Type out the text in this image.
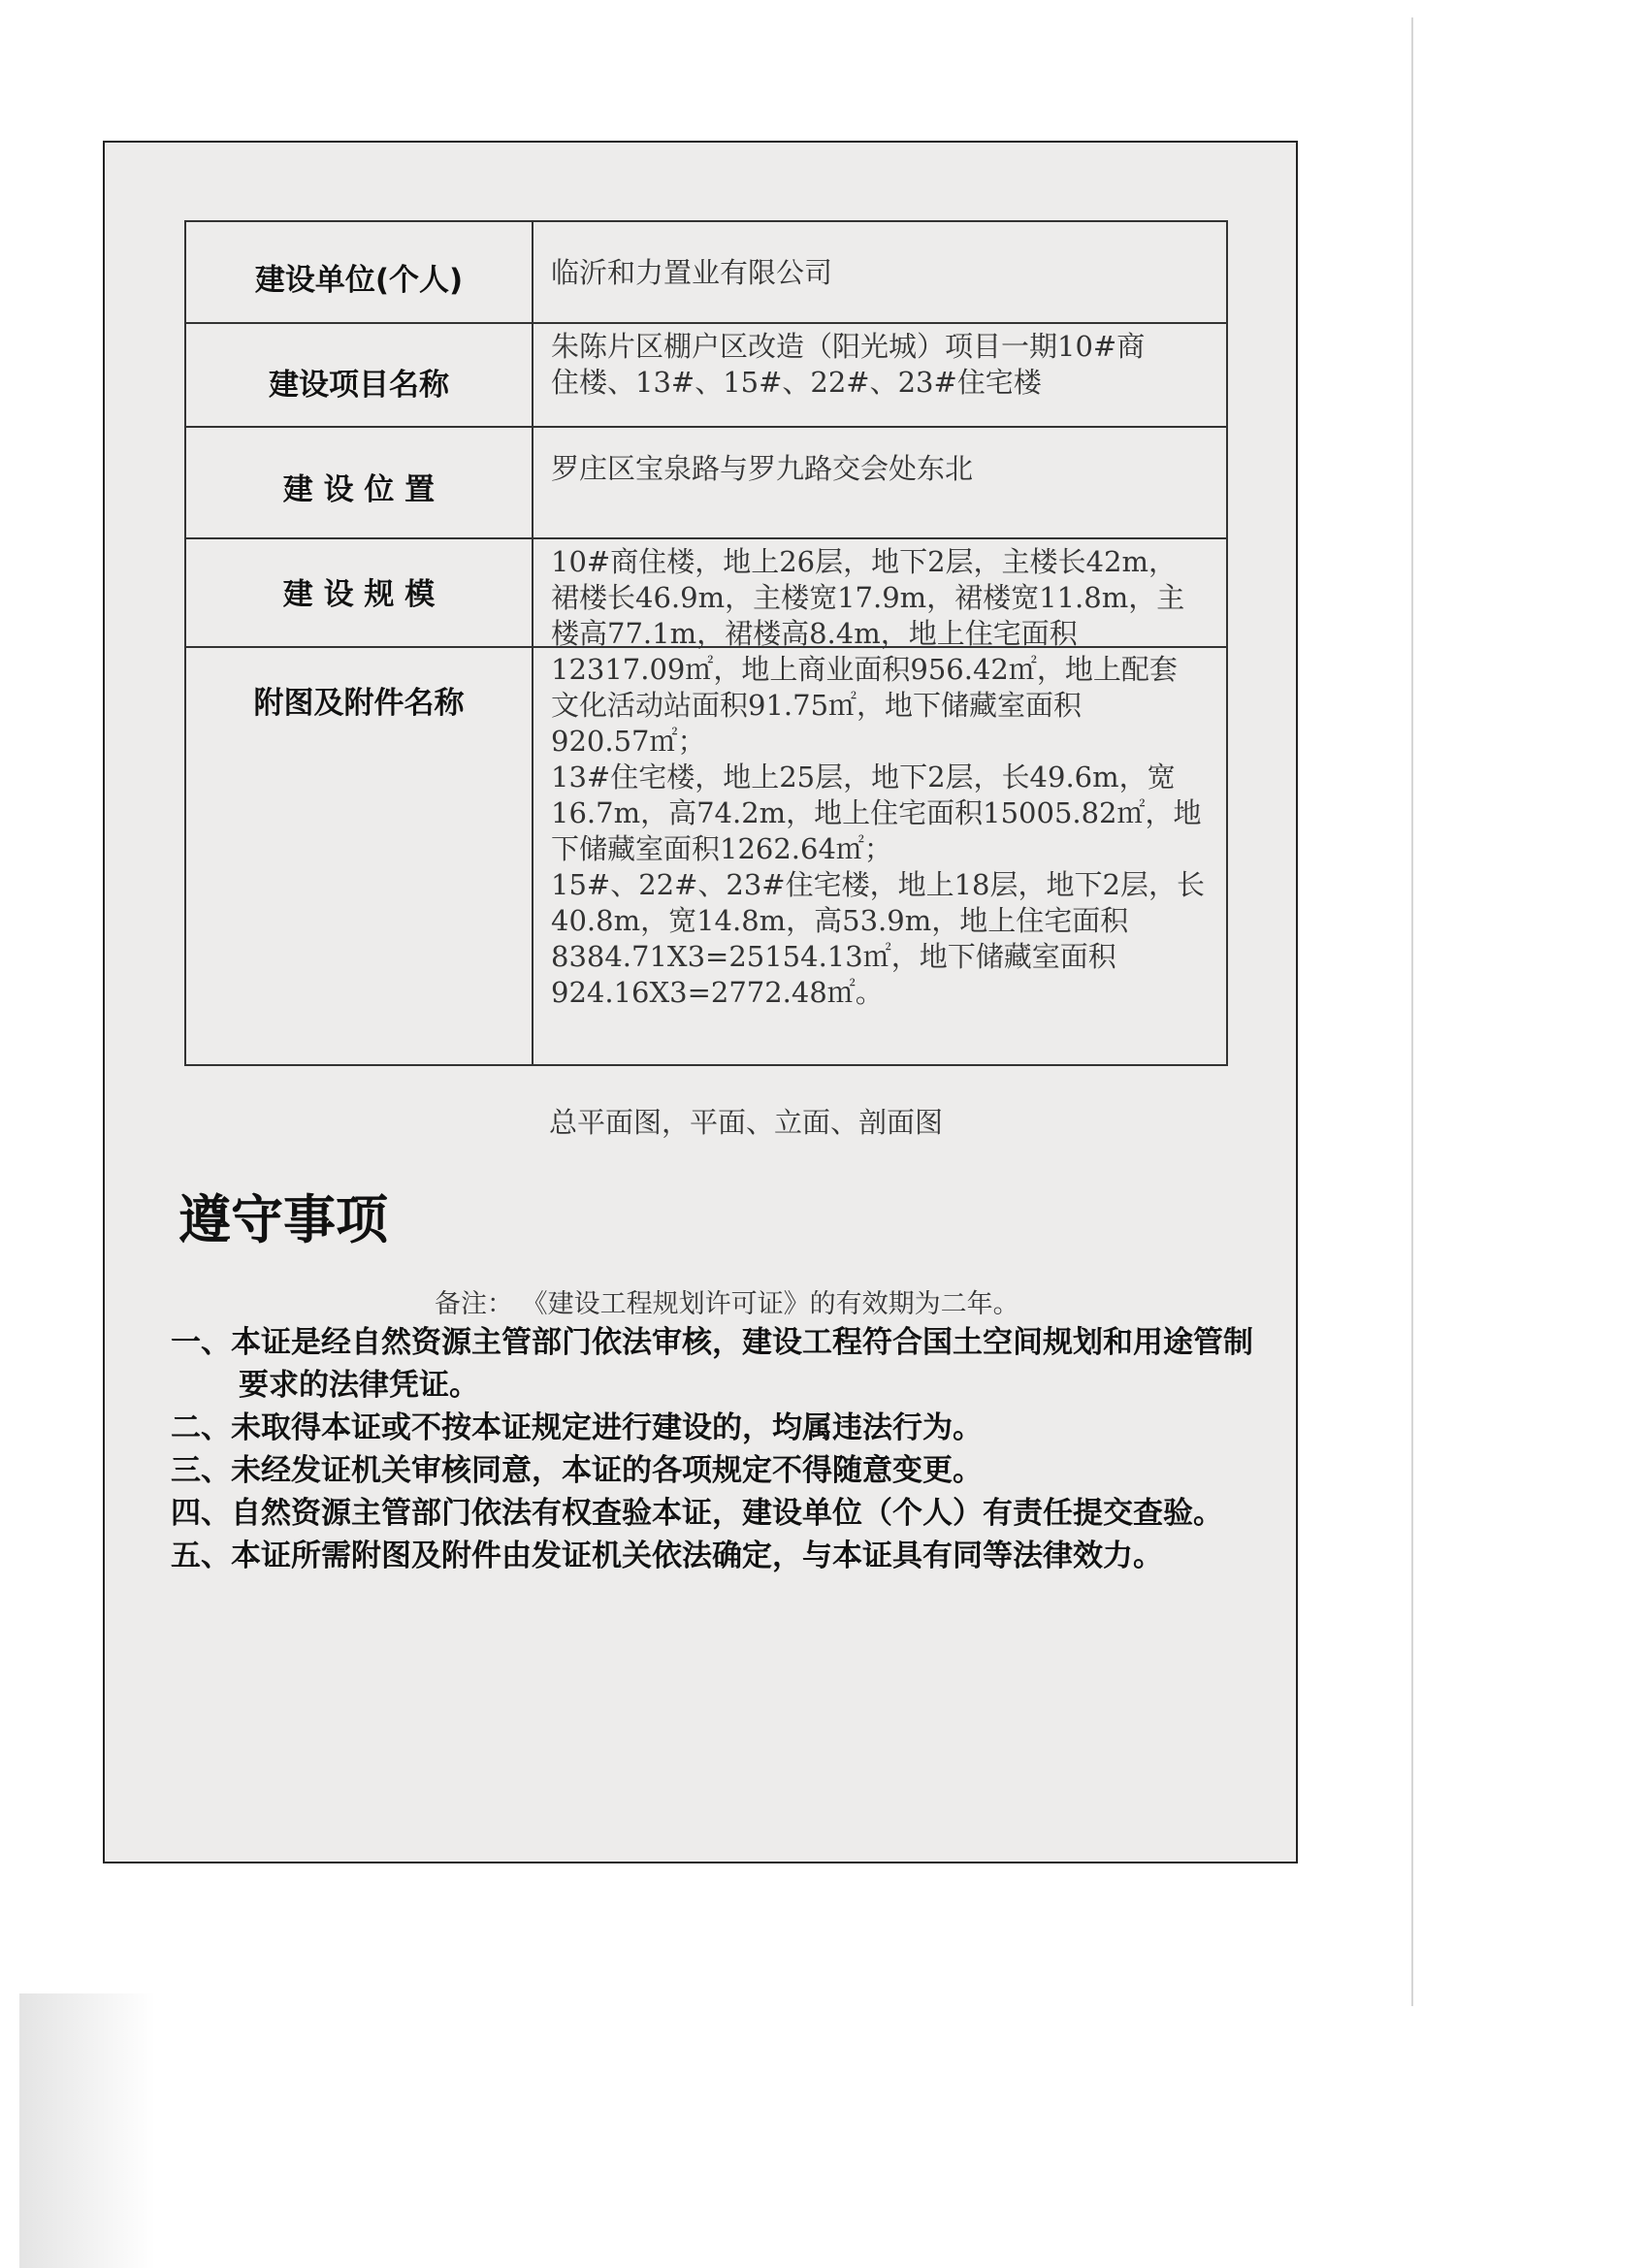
建设单位(个人)	临沂和力置业有限公司
建设项目名称
朱陈片区棚户区改造（阳光城）项目一期10#商
住楼、13#、15#、22#、23#住宅楼
建 设 位 置
罗庄区宝泉路与罗九路交会处东北
建 设 规 模
附图及附件名称
10#商住楼，地上26层，地下2层，主楼长42m，
裙楼长46.9m，主楼宽17.9m，裙楼宽11.8m，主
楼高77.1m，裙楼高8.4m，地上住宅面积
12317.09㎡，地上商业面积956.42㎡，地上配套
文化活动站面积91.75㎡，地下储藏室面积
920.57㎡；
13#住宅楼，地上25层，地下2层，长49.6m，宽
16.7m，高74.2m，地上住宅面积15005.82㎡，地
下储藏室面积1262.64㎡；
15#、22#、23#住宅楼，地上18层，地下2层，长
40.8m，宽14.8m，高53.9m，地上住宅面积
8384.71X3=25154.13㎡，地下储藏室面积
924.16X3=2772.48㎡。
总平面图，平面、立面、剖面图
遵守事项
备注： 《建设工程规划许可证》的有效期为二年。

一、本证是经自然资源主管部门依法审核，建设工程符合国土空间规划和用途管制要求的法律凭证。

二、未取得本证或不按本证规定进行建设的，均属违法行为。

三、未经发证机关审核同意，本证的各项规定不得随意变更。

四、自然资源主管部门依法有权查验本证，建设单位（个人）有责任提交查验。

五、本证所需附图及附件由发证机关依法确定，与本证具有同等法律效力。
